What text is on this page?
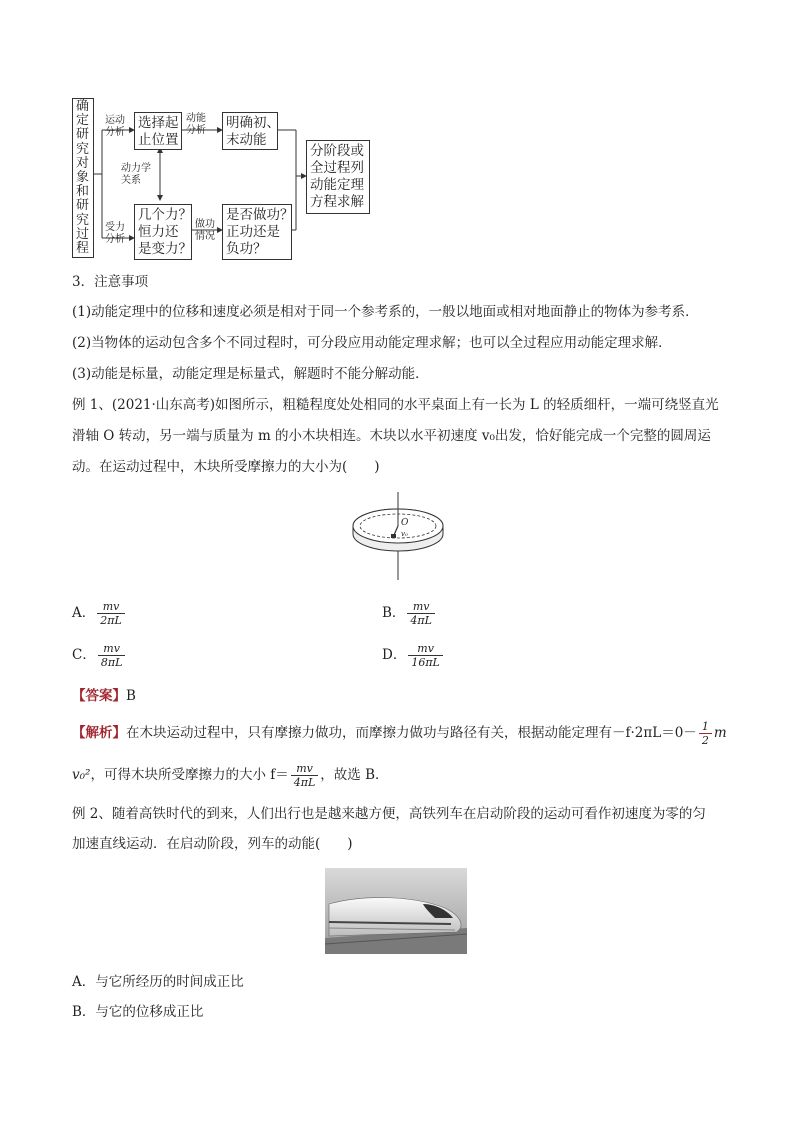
确
定
研
究
对
象
和
研
究
过
程
运动
分析
受力
分析
选择起
止位置
动能
分析 明确初、
末动能
动力学
关系
几个力？
恒力还
是变力？
做功
情况
是否做功？
正功还是
负功？
分阶段或
全过程列
动能定理
方程求解
3．注意事项
(1)动能定理中的位移和速度必须是相对于同一个参考系的，一般以地面或相对地面静止的物体为参考系．
(2)当物体的运动包含多个不同过程时，可分段应用动能定理求解；也可以全过程应用动能定理求解．
(3)动能是标量，动能定理是标量式，解题时不能分解动能．
例 1、(2021·山东高考)如图所示，粗糙程度处处相同的水平桌面上有一长为 L 的轻质细杆，一端可绕竖直光
滑轴 O 转动，另一端与质量为 m 的小木块相连。木块以水平初速度 v₀出发，恰好能完成一个完整的圆周运
动。在运动过程中，木块所受摩擦力的大小为(　　)
O
v₀
A． $\frac{mv}{2\pi L}$	B． $\frac{mv}{4\pi L}$
C． $\frac{mv}{8\pi L}$	D． $\frac{mv}{16\pi L}$
【答案】B
【解析】在木块运动过程中，只有摩擦力做功，而摩擦力做功与路径有关，根据动能定理有$-f\cdot 2\pi L=0- \frac{1}{2}$ m
v₀²，可得木块所受摩擦力的大小 $f= \frac{mv}{4\pi L}$ ，故选 B．
例 2、随着高铁时代的到来，人们出行也是越来越方便，高铁列车在启动阶段的运动可看作初速度为零的匀
加速直线运动．在启动阶段，列车的动能(　　)
A．与它所经历的时间成正比
B．与它的位移成正比
